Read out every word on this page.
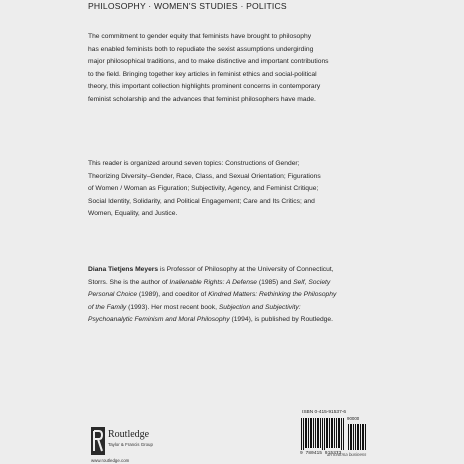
PHILOSOPHY · WOMEN'S STUDIES · POLITICS
The commitment to gender equity that feminists have brought to philosophy
has enabled feminists both to repudiate the sexist assumptions undergirding
major philosophical traditions, and to make distinctive and important contributions
to the field. Bringing together key articles in feminist ethics and social-political
theory, this important collection highlights prominent concerns in contemporary
feminist scholarship and the advances that feminist philosophers have made.
This reader is organized around seven topics: Constructions of Gender;
Theorizing Diversity–Gender, Race, Class, and Sexual Orientation; Figurations
of Women / Woman as Figuration; Subjectivity, Agency, and Feminist Critique;
Social Identity, Solidarity, and Political Engagement; Care and Its Critics; and
Women, Equality, and Justice.
Diana Tietjens Meyers is Professor of Philosophy at the University of Connecticut,
Storrs. She is the author of Inalienable Rights: A Defense (1985) and Self, Society
Personal Choice (1989), and coeditor of Kindred Matters: Rethinking the Philosophy
of the Family (1993). Her most recent book, Subjection and Subjectivity:
Psychoanalytic Feminism and Moral Philosophy (1994), is published by Routledge.
Routledge
Taylor & Francis Group
www.routledge.com
ISBN 0-415-91537-6
90000
9 780415 915373
an informa business
